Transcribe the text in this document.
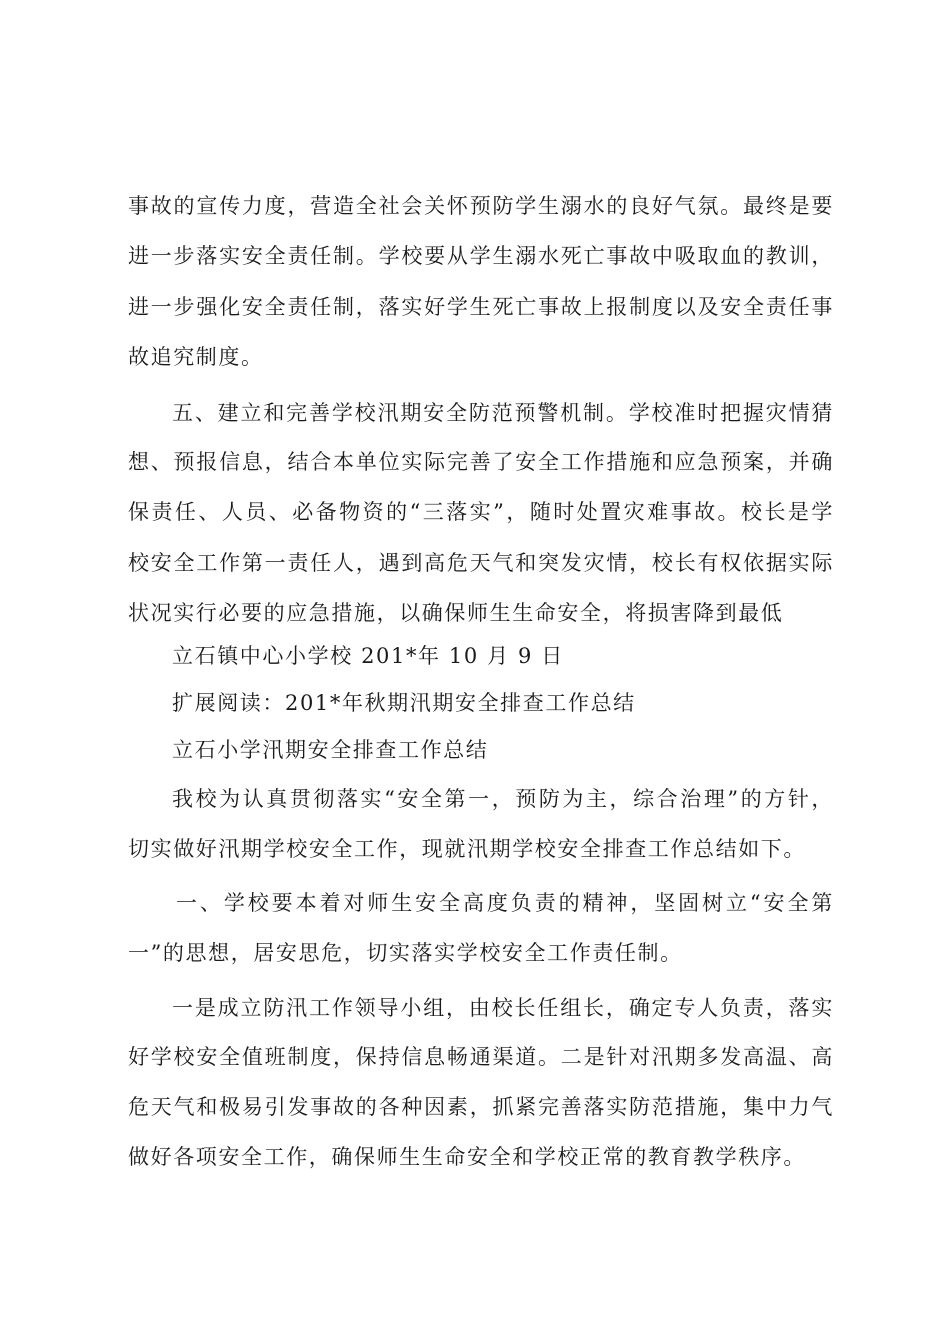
事故的宣传力度，营造全社会关怀预防学生溺水的良好气氛。最终是要
进一步落实安全责任制。学校要从学生溺水死亡事故中吸取血的教训，
进一步强化安全责任制，落实好学生死亡事故上报制度以及安全责任事
故追究制度。
五、建立和完善学校汛期安全防范预警机制。学校准时把握灾情猜
想、预报信息，结合本单位实际完善了安全工作措施和应急预案，并确
保责任、人员、必备物资的“三落实”，随时处置灾难事故。校长是学
校安全工作第一责任人，遇到高危天气和突发灾情，校长有权依据实际
状况实行必要的应急措施，以确保师生生命安全，将损害降到最低
立石镇中心小学校 201*年 10 月 9 日
扩展阅读：201*年秋期汛期安全排查工作总结
立石小学汛期安全排查工作总结
我校为认真贯彻落实“安全第一，预防为主，综合治理”的方针，
切实做好汛期学校安全工作，现就汛期学校安全排查工作总结如下。
一、学校要本着对师生安全高度负责的精神，坚固树立“安全第
一”的思想，居安思危，切实落实学校安全工作责任制。
一是成立防汛工作领导小组，由校长任组长，确定专人负责，落实
好学校安全值班制度，保持信息畅通渠道。二是针对汛期多发高温、高
危天气和极易引发事故的各种因素，抓紧完善落实防范措施，集中力气
做好各项安全工作，确保师生生命安全和学校正常的教育教学秩序。
